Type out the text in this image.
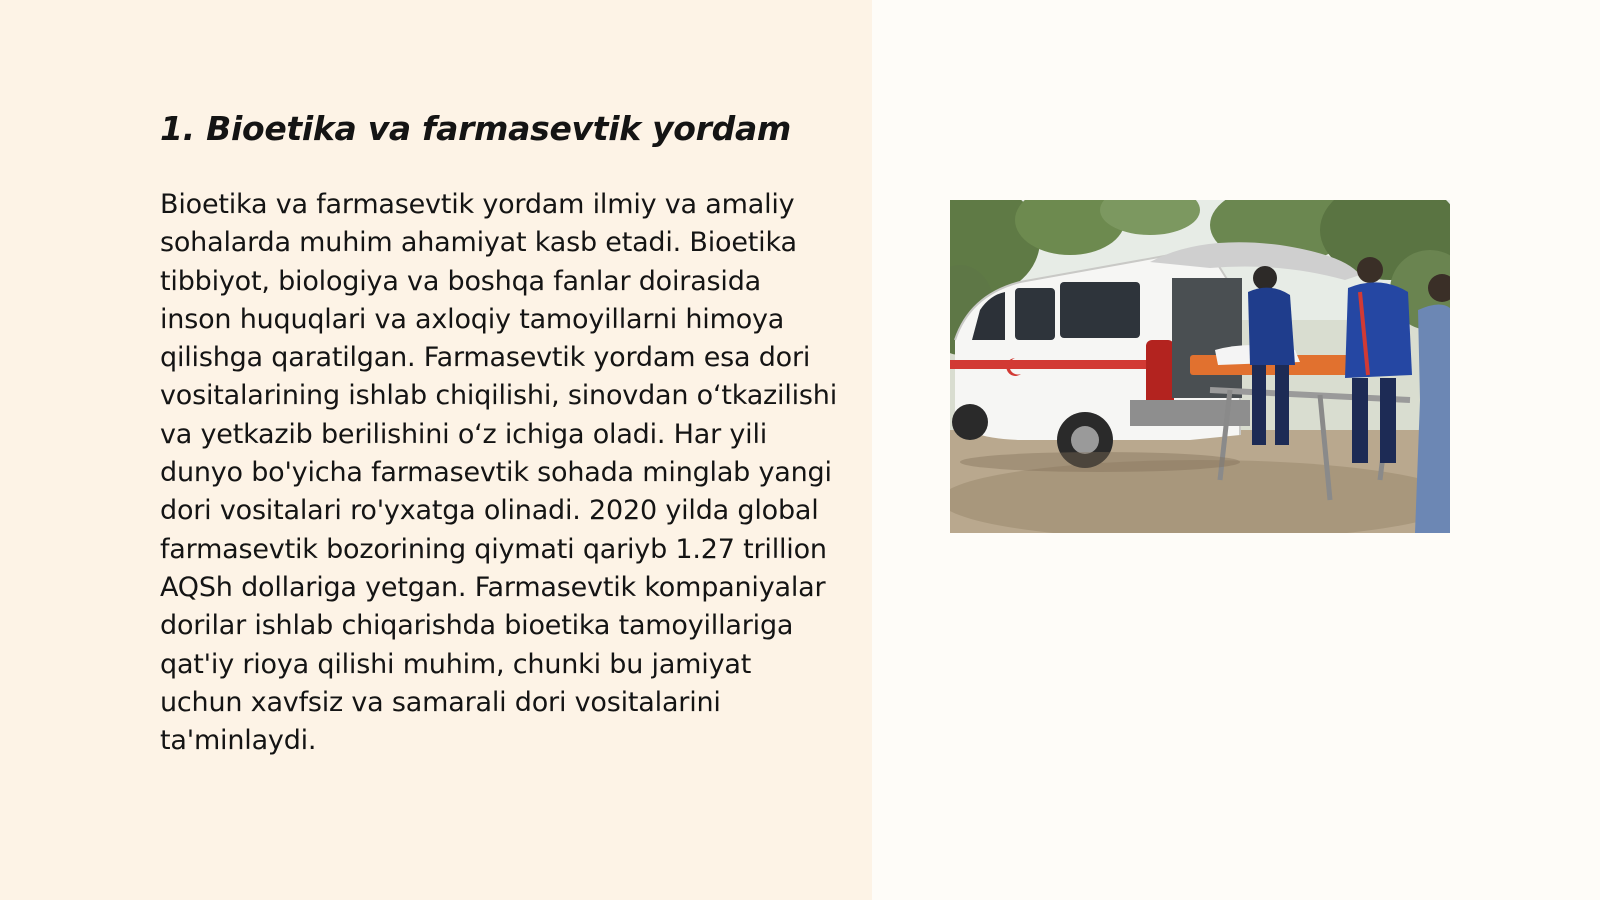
1. Bioetika va farmasevtik yordam

Bioetika va farmasevtik yordam ilmiy va amaliy sohalarda muhim ahamiyat kasb etadi. Bioetika tibbiyot, biologiya va boshqa fanlar doirasida inson huquqlari va axloqiy tamoyillarni himoya qilishga qaratilgan. Farmasevtik yordam esa dori vositalarining ishlab chiqilishi, sinovdan o‘tkazilishi va yetkazib berilishini o‘z ichiga oladi. Har yili dunyo bo'yicha farmasevtik sohada minglab yangi dori vositalari ro'yxatga olinadi. 2020 yilda global farmasevtik bozorining qiymati qariyb 1.27 trillion AQSh dollariga yetgan. Farmasevtik kompaniyalar dorilar ishlab chiqarishda bioetika tamoyillariga qat'iy rioya qilishi muhim, chunki bu jamiyat uchun xavfsiz va samarali dori vositalarini ta'minlaydi.
